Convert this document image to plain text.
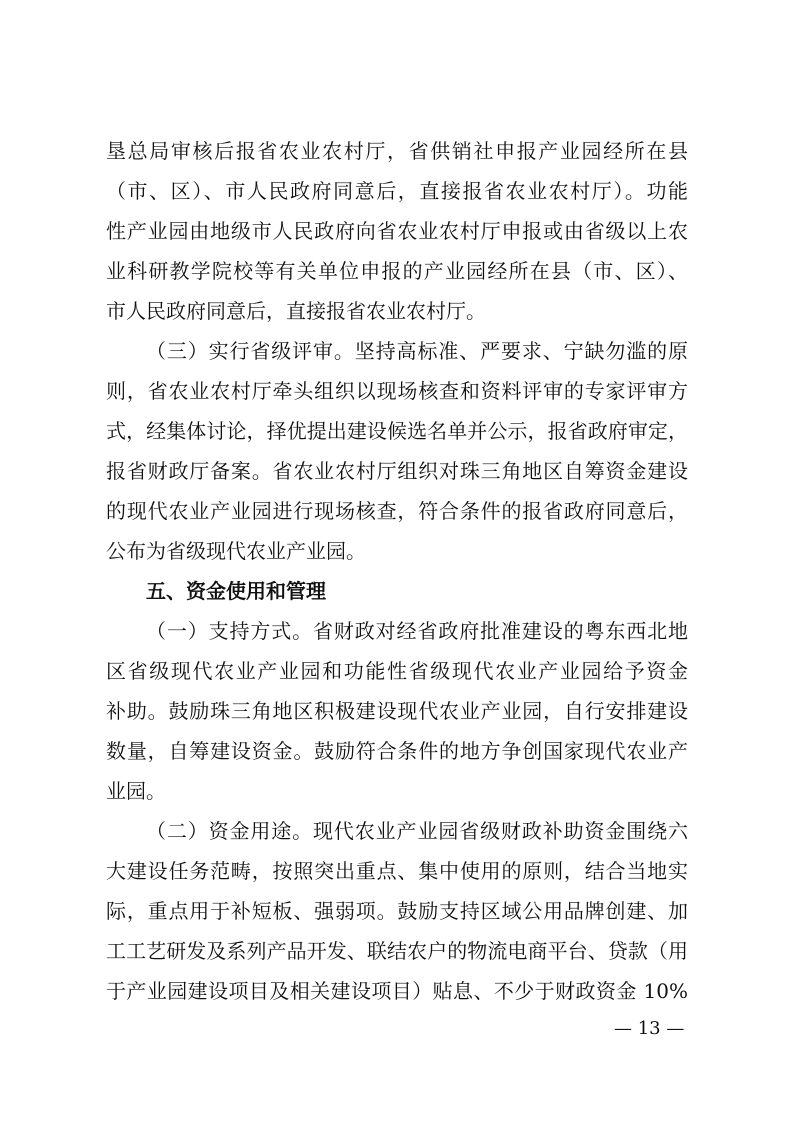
垦总局审核后报省农业农村厅，省供销社申报产业园经所在县
（市、区）、市人民政府同意后，直接报省农业农村厅）。功能
性产业园由地级市人民政府向省农业农村厅申报或由省级以上农
业科研教学院校等有关单位申报的产业园经所在县（市、区）、
市人民政府同意后，直接报省农业农村厅。
（三）实行省级评审。坚持高标准、严要求、宁缺勿滥的原
则，省农业农村厅牵头组织以现场核查和资料评审的专家评审方
式，经集体讨论，择优提出建设候选名单并公示，报省政府审定，
报省财政厅备案。省农业农村厅组织对珠三角地区自筹资金建设
的现代农业产业园进行现场核查，符合条件的报省政府同意后，
公布为省级现代农业产业园。
五、资金使用和管理
（一）支持方式。省财政对经省政府批准建设的粤东西北地
区省级现代农业产业园和功能性省级现代农业产业园给予资金
补助。鼓励珠三角地区积极建设现代农业产业园，自行安排建设
数量，自筹建设资金。鼓励符合条件的地方争创国家现代农业产
业园。
（二）资金用途。现代农业产业园省级财政补助资金围绕六
大建设任务范畴，按照突出重点、集中使用的原则，结合当地实
际，重点用于补短板、强弱项。鼓励支持区域公用品牌创建、加
工工艺研发及系列产品开发、联结农户的物流电商平台、贷款（用
于产业园建设项目及相关建设项目）贴息、不少于财政资金 10%
— 13 —
